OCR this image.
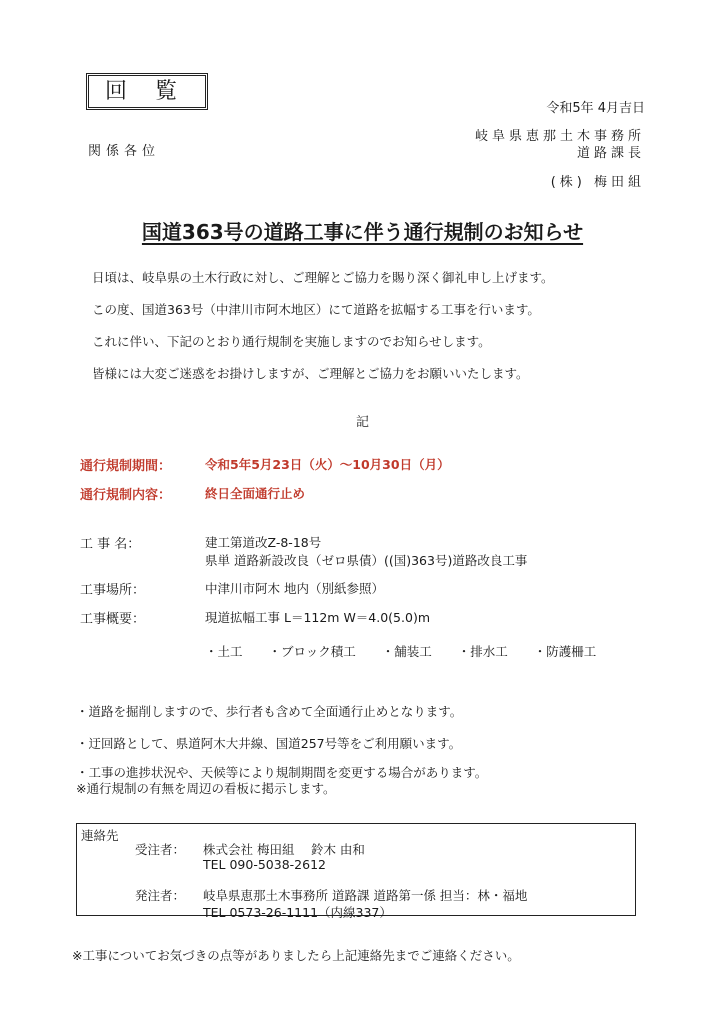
回覧
令和5年 4月吉日
関係各位
岐阜県恵那土木事務所
道路課長
(株) 梅田組
国道363号の道路工事に伴う通行規制のお知らせ
日頃は、岐阜県の土木行政に対し、ご理解とご協力を賜り深く御礼申し上げます。
この度、国道363号（中津川市阿木地区）にて道路を拡幅する工事を行います。
これに伴い、下記のとおり通行規制を実施しますのでお知らせします。
皆様には大変ご迷惑をお掛けしますが、ご理解とご協力をお願いいたします。
記
通行規制期間：	令和5年5月23日（火）～10月30日（月）
通行規制内容：	終日全面通行止め
工 事 名：	建工第道改Z-8-18号
県単 道路新設改良（ゼロ県債）((国)363号)道路改良工事
工事場所：	中津川市阿木 地内（別紙参照）
工事概要：	現道拡幅工事 L＝112m W＝4.0(5.0)m
・土工 ・ブロック積工 ・舗装工 ・排水工 ・防護柵工
・道路を掘削しますので、歩行者も含めて全面通行止めとなります。
・迂回路として、県道阿木大井線、国道257号等をご利用願います。
・工事の進捗状況や、天候等により規制期間を変更する場合があります。
※通行規制の有無を周辺の看板に掲示します。
連絡先
受注者： 株式会社 梅田組　 鈴木 由和
TEL 090-5038-2612
発注者： 岐阜県恵那土木事務所 道路課 道路第一係 担当：林・福地
TEL 0573-26-1111（内線337）
※工事についてお気づきの点等がありましたら上記連絡先までご連絡ください。
